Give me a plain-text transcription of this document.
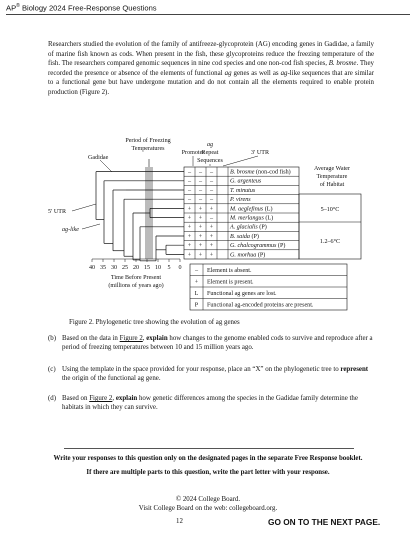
AP® Biology 2024 Free-Response Questions
Researchers studied the evolution of the family of antifreeze-glycoprotein (AG) encoding genes in Gadidae, a family of marine fish known as cods. When present in the fish, these glycoproteins reduce the freezing temperature of the fish. The researchers compared genomic sequences in nine cod species and one non-cod fish species, B. brosme. They recorded the presence or absence of the elements of functional ag genes as well as ag-like sequences that are similar to a functional gene but have undergone mutation and do not contain all the elements required to enable protein production (Figure 2).
Period of Freezing
Temperatures
Promoter
ag
Repeat
Sequences
3′ UTR
Average Water
Temperature
of Habitat
5–10°C
1.2–6°C
– – –	B. brosme (non-cod fish)
– – –	G. argenteus
– – –	T. minutus
– – –	P. virens
+ + +	M. aeglefinus (L)
+ + –	M. merlangus (L)
+ + +	A. glacialis (P)
+ + +	B. saida (P)
+ + +	G. chalcogrammus (P)
+ + +	G. morhua (P)
Gadidae
5′ UTR
ag-like
40 35 30 25 20 15 10 5 0
Time Before Present
(millions of years ago)
– Element is absent.
+ Element is present.
L Functional ag genes are lost.
P Functional ag-encoded proteins are present.
Figure 2. Phylogenetic tree showing the evolution of ag genes
(b) Based on the data in Figure 2, explain how changes to the genome enabled cods to survive and reproduce after a period of freezing temperatures between 10 and 15 million years ago.
(c) Using the template in the space provided for your response, place an “X” on the phylogenetic tree to represent the origin of the functional ag gene.
(d) Based on Figure 2, explain how genetic differences among the species in the Gadidae family determine the habitats in which they can survive.
Write your responses to this question only on the designated pages in the separate Free Response booklet.
If there are multiple parts to this question, write the part letter with your response.
© 2024 College Board.
Visit College Board on the web: collegeboard.org.
12	GO ON TO THE NEXT PAGE.
